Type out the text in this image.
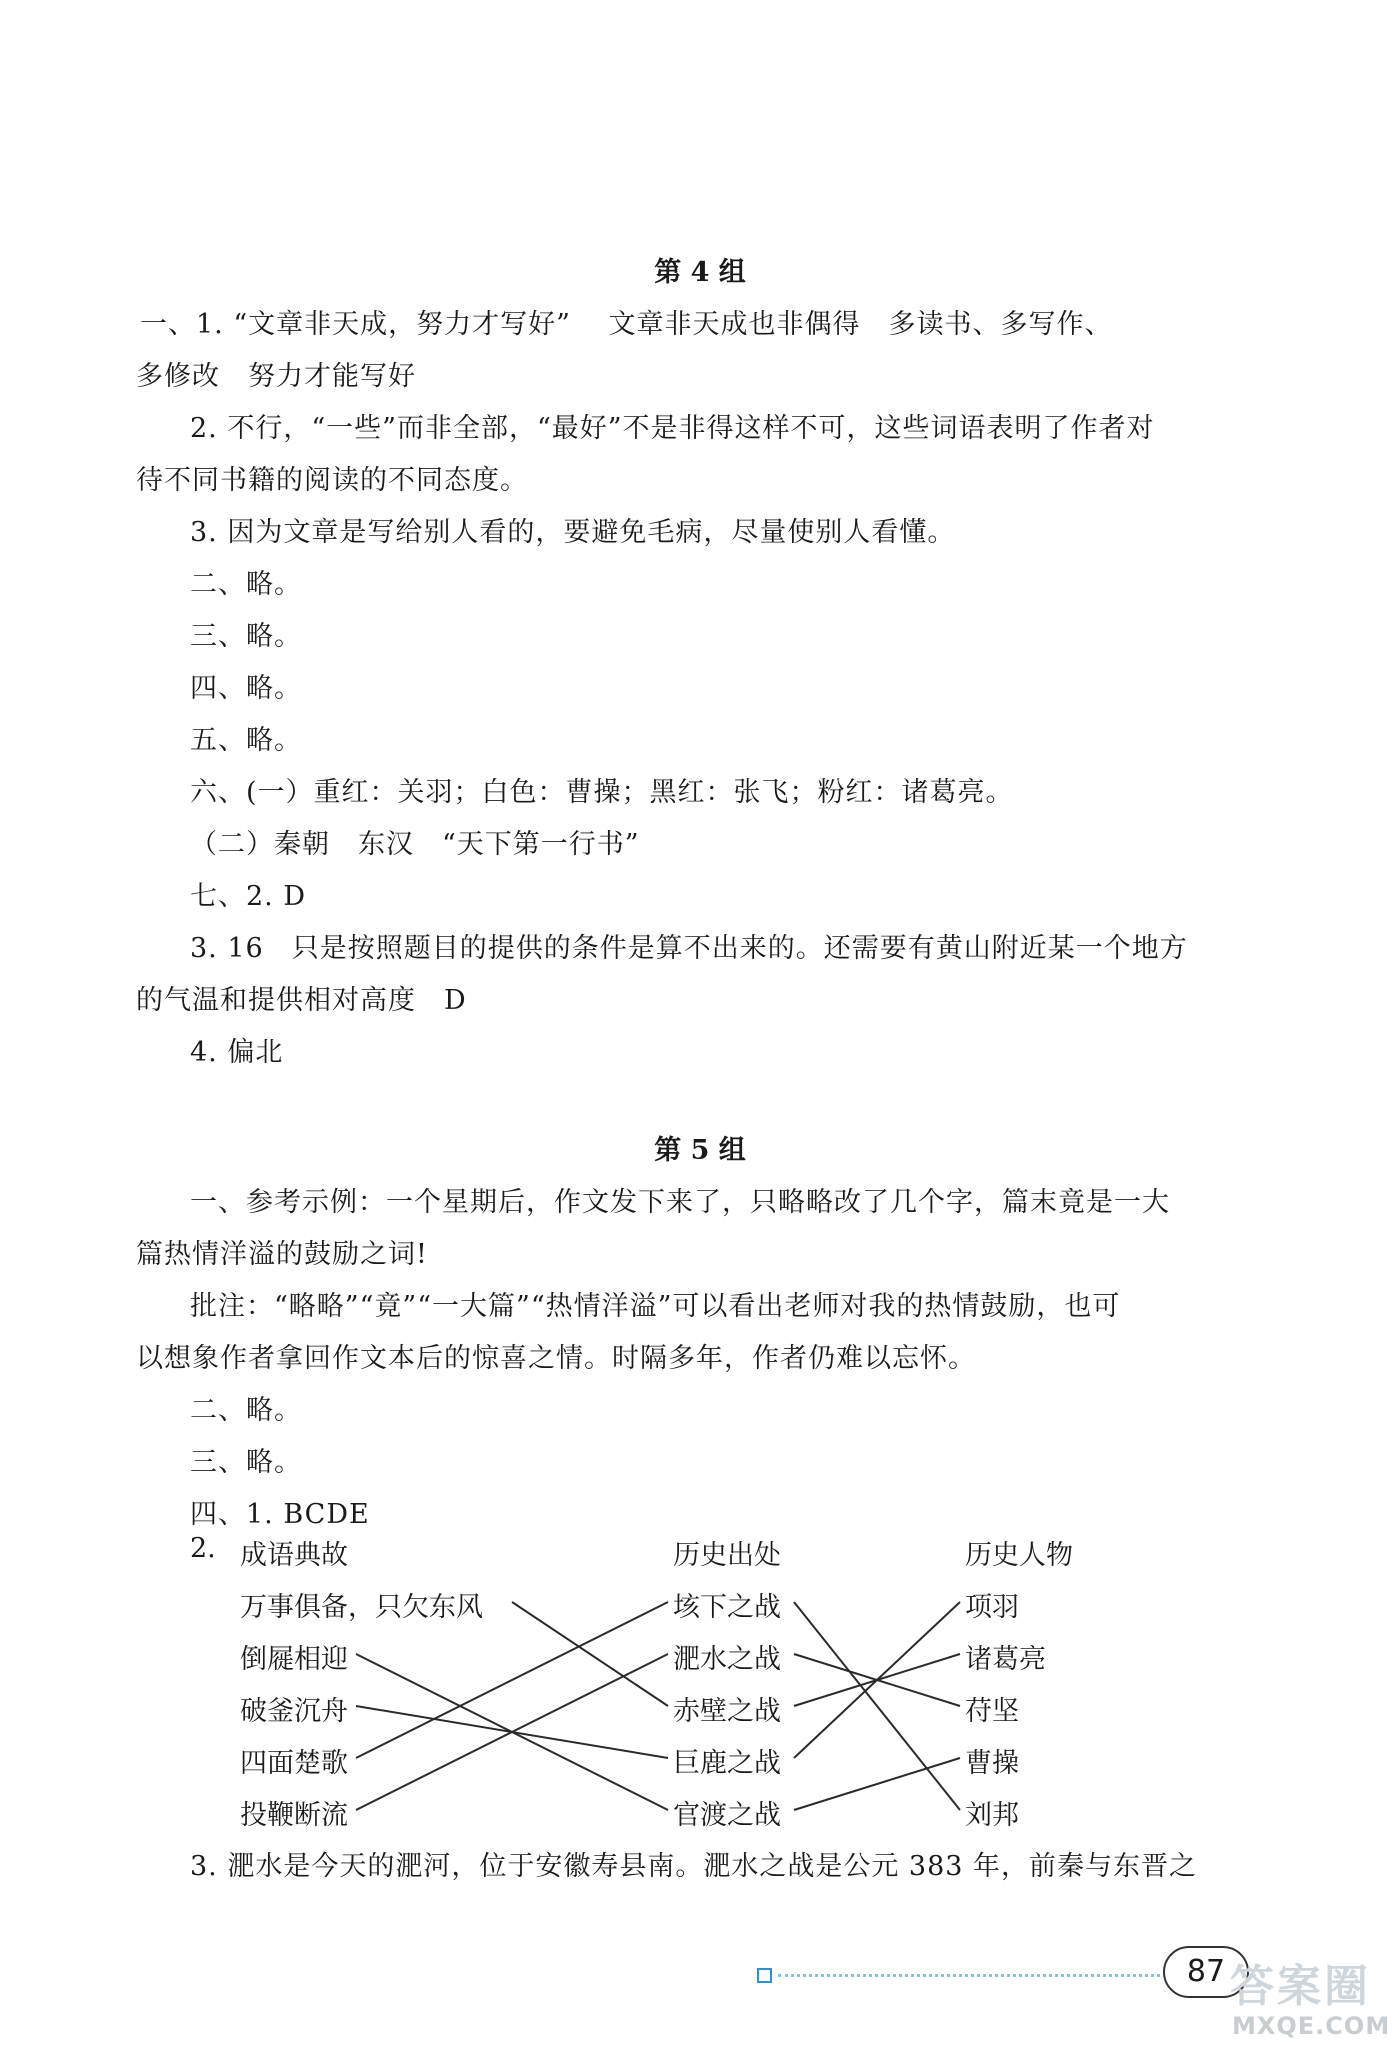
第 4 组
一、1. “文章非天成，努力才写好”　 文章非天成也非偶得　多读书、多写作、
多修改　努力才能写好
2. 不行，“一些”而非全部，“最好”不是非得这样不可，这些词语表明了作者对
待不同书籍的阅读的不同态度。
3. 因为文章是写给别人看的，要避免毛病，尽量使别人看懂。
二、略。
三、略。
四、略。
五、略。
六、(一）重红：关羽；白色：曹操；黑红：张飞；粉红：诸葛亮。
（二）秦朝　东汉　“天下第一行书”
七、2. D
3. 16　只是按照题目的提供的条件是算不出来的。还需要有黄山附近某一个地方
的气温和提供相对高度　D
4. 偏北
第 5 组
一、参考示例：一个星期后，作文发下来了，只略略改了几个字，篇末竟是一大
篇热情洋溢的鼓励之词!
批注：“略略”“竟”“一大篇”“热情洋溢”可以看出老师对我的热情鼓励，也可
以想象作者拿回作文本后的惊喜之情。时隔多年，作者仍难以忘怀。
二、略。
三、略。
四、1. BCDE
2. 成语典故	历史出处	历史人物
万事俱备，只欠东风
倒屣相迎
破釜沉舟
四面楚歌
投鞭断流
垓下之战
淝水之战
赤壁之战
巨鹿之战
官渡之战
项羽
诸葛亮
苻坚
曹操
刘邦
3. 淝水是今天的淝河，位于安徽寿县南。淝水之战是公元 383 年，前秦与东晋之
87 答案圈
MXQE.COM
